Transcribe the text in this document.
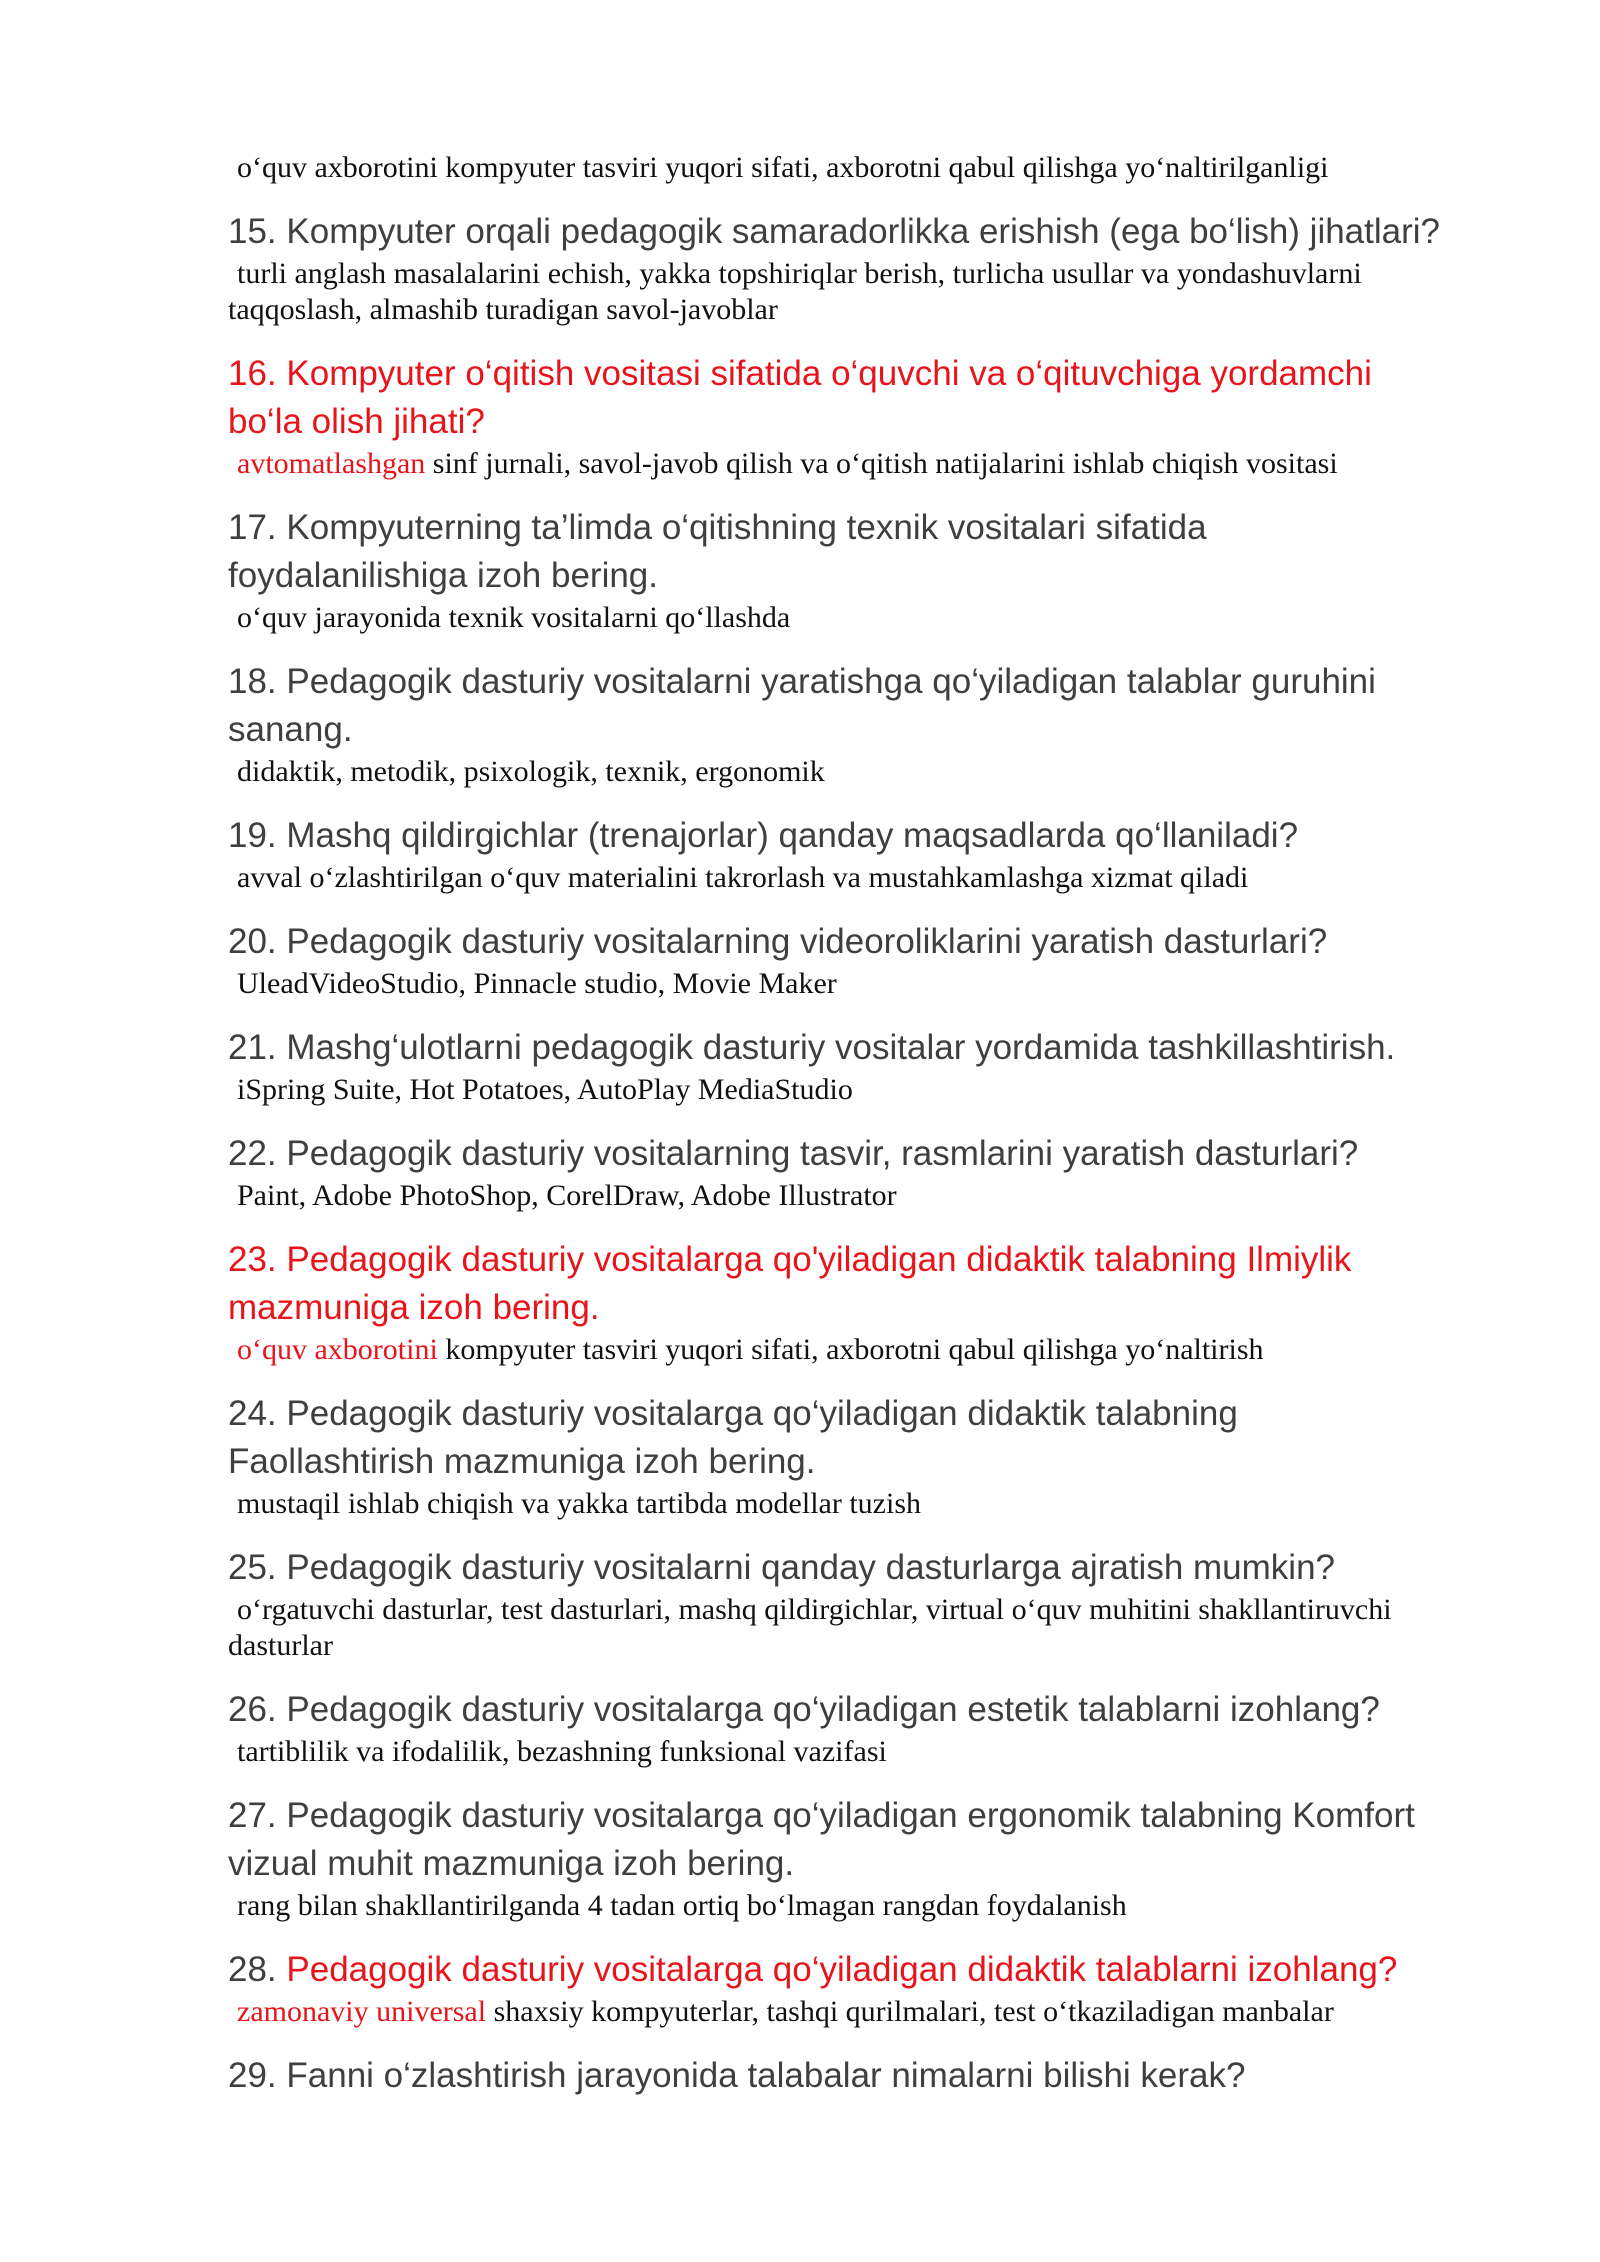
o‘quv axborotini kompyuter tasviri yuqori sifati, axborotni qabul qilishga yo‘naltirilganligi

15. Kompyuter orqali pedagogik samaradorlikka erishish (ega bo‘lish) jihatlari?

turli anglash masalalarini echish, yakka topshiriqlar berish, turlicha usullar va yondashuvlarni

taqqoslash, almashib turadigan savol-javoblar

16. Kompyuter o‘qitish vositasi sifatida o‘quvchi va o‘qituvchiga yordamchi

bo‘la olish jihati?

avtomatlashgan sinf jurnali, savol-javob qilish va o‘qitish natijalarini ishlab chiqish vositasi

17. Kompyuterning ta’limda o‘qitishning texnik vositalari sifatida

foydalanilishiga izoh bering.

o‘quv jarayonida texnik vositalarni qo‘llashda

18. Pedagogik dasturiy vositalarni yaratishga qo‘yiladigan talablar guruhini

sanang.

didaktik, metodik, psixologik, texnik, ergonomik

19. Mashq qildirgichlar (trenajorlar) qanday maqsadlarda qo‘llaniladi?

avval o‘zlashtirilgan o‘quv materialini takrorlash va mustahkamlashga xizmat qiladi

20. Pedagogik dasturiy vositalarning videoroliklarini yaratish dasturlari?

UleadVideoStudio, Pinnacle studio, Movie Maker

21. Mashg‘ulotlarni pedagogik dasturiy vositalar yordamida tashkillashtirish.

iSpring Suite, Hot Potatoes, AutoPlay MediaStudio

22. Pedagogik dasturiy vositalarning tasvir, rasmlarini yaratish dasturlari?

Paint, Adobe PhotoShop, CorelDraw, Adobe Illustrator

23. Pedagogik dasturiy vositalarga qo'yiladigan didaktik talabning Ilmiylik

mazmuniga izoh bering.

o‘quv axborotini kompyuter tasviri yuqori sifati, axborotni qabul qilishga yo‘naltirish

24. Pedagogik dasturiy vositalarga qo‘yiladigan didaktik talabning

Faollashtirish mazmuniga izoh bering.

mustaqil ishlab chiqish va yakka tartibda modellar tuzish

25. Pedagogik dasturiy vositalarni qanday dasturlarga ajratish mumkin?

o‘rgatuvchi dasturlar, test dasturlari, mashq qildirgichlar, virtual o‘quv muhitini shakllantiruvchi

dasturlar

26. Pedagogik dasturiy vositalarga qo‘yiladigan estetik talablarni izohlang?

tartiblilik va ifodalilik, bezashning funksional vazifasi

27. Pedagogik dasturiy vositalarga qo‘yiladigan ergonomik talabning Komfort

vizual muhit mazmuniga izoh bering.

rang bilan shakllantirilganda 4 tadan ortiq bo‘lmagan rangdan foydalanish

28. Pedagogik dasturiy vositalarga qo‘yiladigan didaktik talablarni izohlang?

zamonaviy universal shaxsiy kompyuterlar, tashqi qurilmalari, test o‘tkaziladigan manbalar

29. Fanni o‘zlashtirish jarayonida talabalar nimalarni bilishi kerak?
